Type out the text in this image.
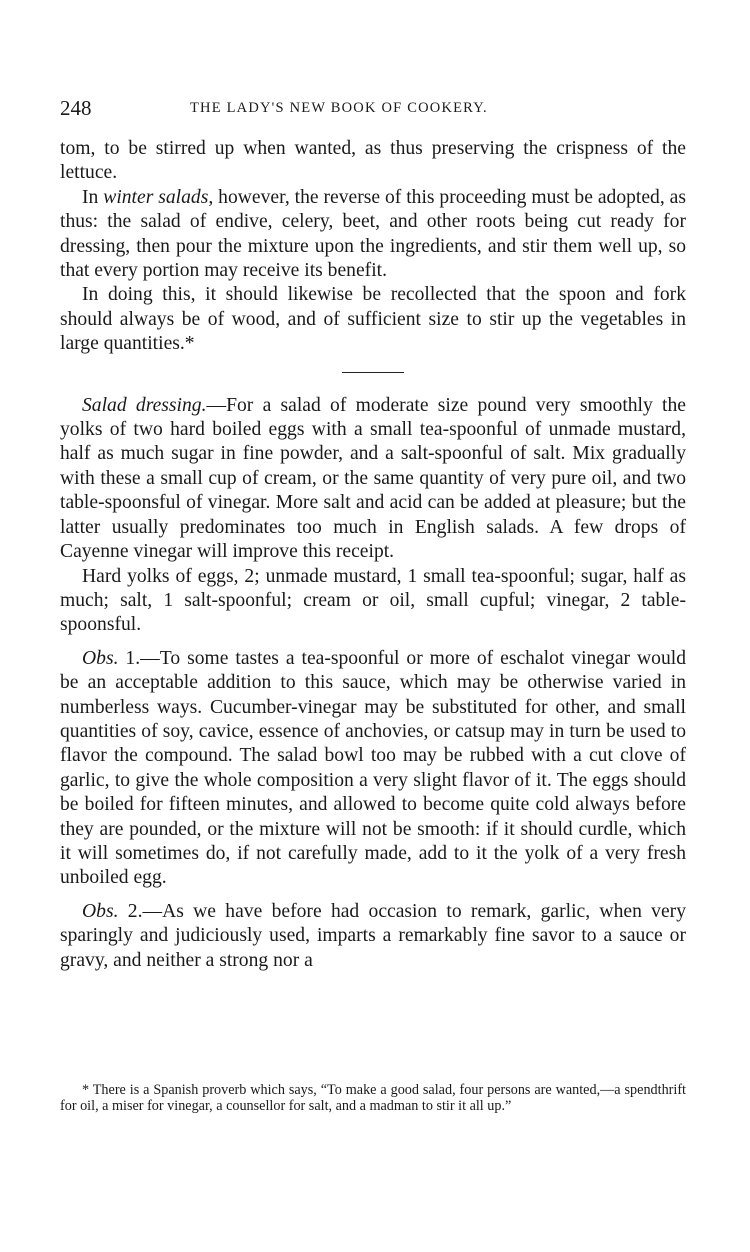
248	THE LADY'S NEW BOOK OF COOKERY.

tom, to be stirred up when wanted, as thus preserving the crispness of the lettuce.

In winter salads, however, the reverse of this proceeding must be adopted, as thus: the salad of endive, celery, beet, and other roots being cut ready for dressing, then pour the mixture upon the ingredients, and stir them well up, so that every portion may receive its benefit.

In doing this, it should likewise be recollected that the spoon and fork should always be of wood, and of sufficient size to stir up the vegetables in large quantities.*

Salad dressing.—For a salad of moderate size pound very smoothly the yolks of two hard boiled eggs with a small tea-spoonful of unmade mustard, half as much sugar in fine powder, and a salt-spoonful of salt. Mix gradually with these a small cup of cream, or the same quantity of very pure oil, and two table-spoonsful of vinegar. More salt and acid can be added at pleasure; but the latter usually predominates too much in English salads. A few drops of Cayenne vinegar will improve this receipt.

Hard yolks of eggs, 2; unmade mustard, 1 small tea-spoonful; sugar, half as much; salt, 1 salt-spoonful; cream or oil, small cupful; vinegar, 2 table-spoonsful.

Obs. 1.—To some tastes a tea-spoonful or more of eschalot vinegar would be an acceptable addition to this sauce, which may be otherwise varied in numberless ways. Cucumber-vinegar may be substituted for other, and small quantities of soy, cavice, essence of anchovies, or catsup may in turn be used to flavor the compound. The salad bowl too may be rubbed with a cut clove of garlic, to give the whole composition a very slight flavor of it. The eggs should be boiled for fifteen minutes, and allowed to become quite cold always before they are pounded, or the mixture will not be smooth: if it should curdle, which it will sometimes do, if not carefully made, add to it the yolk of a very fresh unboiled egg.

Obs. 2.—As we have before had occasion to remark, garlic, when very sparingly and judiciously used, imparts a remarkably fine savor to a sauce or gravy, and neither a strong nor a

* There is a Spanish proverb which says, “To make a good salad, four persons are wanted,—a spendthrift for oil, a miser for vinegar, a counsellor for salt, and a madman to stir it all up.”
